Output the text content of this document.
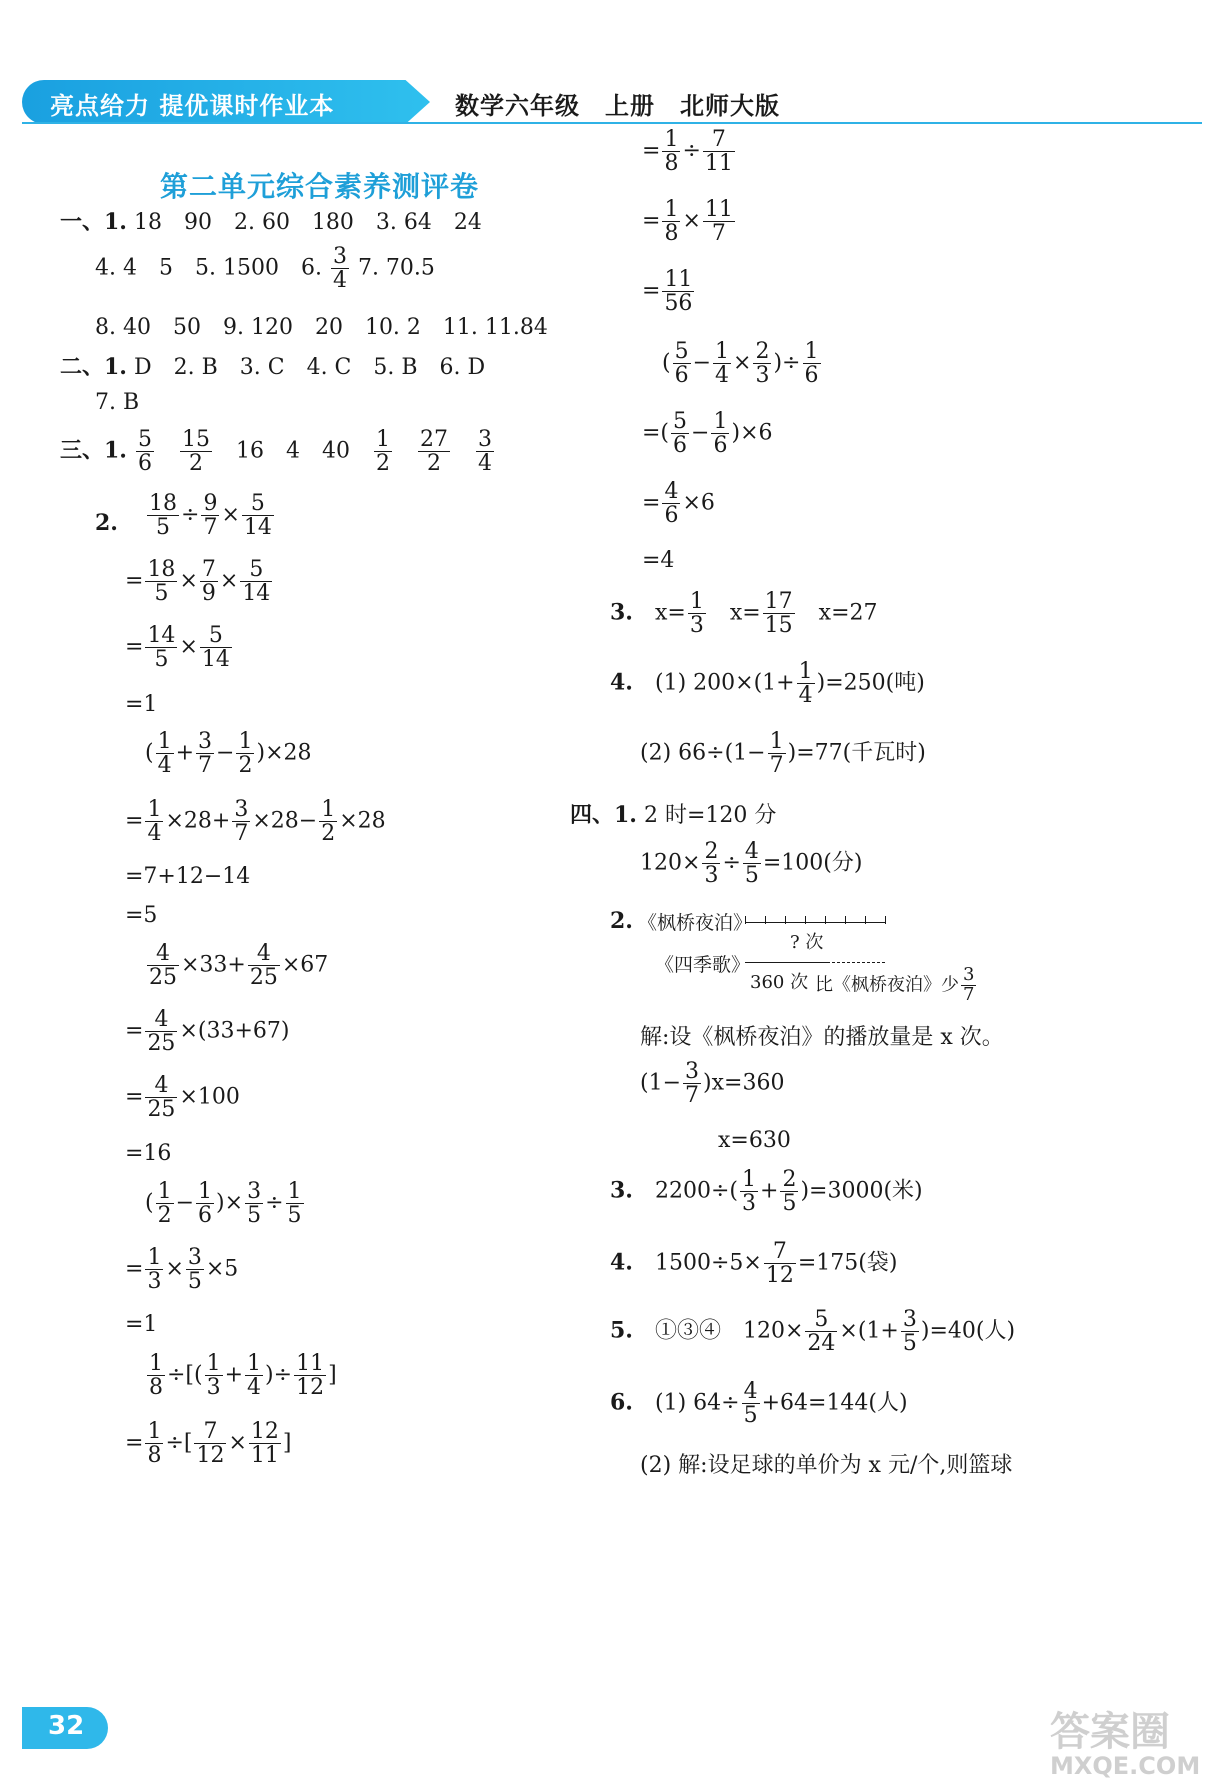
亮点给力 提优课时作业本	数学六年级　上册　北师大版
第二单元综合素养测评卷
一、1. 18　90　2. 60　180　3. 64　24
4. 4　5　5. 1500　6. $\frac{3}{4} 7$. 70.5
8. 40　50　9. 120　20　10. 2　11. 11.84
二、1. D　2. B　3. C　4. C　5. B　6. D
7. B
三、1. $\frac{5}{6}$
　 $\frac{15}{2}$
　 16　4　40　 $\frac{1}{2}$
　 $\frac{27}{2}$
　 $\frac{3}{4}$
2. $\frac{18}{5} \div \frac{9}{7} \times \frac{5}{14}$
= $\frac{18}{5} \times \frac{7}{9} \times \frac{5}{14}$
= $\frac{14}{5} \times \frac{5}{14}$
=1
( $\frac{1}{4} + \frac{3}{7} - \frac{1}{2} )\times 28$
= $\frac{1}{4} \times 28+ \frac{3}{7} \times 28- \frac{1}{2} \times 28$
=7+12−14
=5
$\frac{4}{25} \times 33+ \frac{4}{25} \times 67$
= $\frac{4}{25} \times(33+67)$
= $\frac{4}{25} \times 100$
=16
( $\frac{1}{2} - \frac{1}{6}$ )× $\frac{3}{5} \div \frac{1}{5}$
= $\frac{1}{3} \times \frac{3}{5} \times 5$
=1
$\frac{1}{8}$ ÷[( $\frac{1}{3} + \frac{1}{4}$ )÷ $\frac{11}{12}$ ]
= $\frac{1}{8}$ ÷[ $\frac{7}{12} \times \frac{12}{11}$ ]
= $\frac{1}{8} \div \frac{7}{11}$
= $\frac{1}{8} \times \frac{11}{7}$
= $\frac{11}{56}$
( $\frac{5}{6} - \frac{1}{4} \times \frac{2}{3}$ )÷ $\frac{1}{6}$
=( $\frac{5}{6} - \frac{1}{6} )\times 6$
= $\frac{4}{6} \times 6$
=4
3.　$x= \frac{1}{3}$ 　$x= \frac{17}{15}$
　 x=27
4.　 (1) $200\times(1+ \frac{1}{4} )=250$(吨)
(2) $66\div(1- \frac{1}{7} )=77$(千瓦时)
四、1. 2 时=120 分
$120\times \frac{2}{3} \div \frac{4}{5} =100$(分)
2. 《枫桥夜泊》
? 次
《四季歌》
360 次 比《枫桥夜泊》少 $\frac{3}{7}$
解:设《枫桥夜泊》的播放量是 x 次。
$(1- \frac{3}{7} )x=360$
x=630
3.　 $2200\div( \frac{1}{3} + \frac{2}{5} )=3000$(米)
4.　 $1500\div 5\times \frac{7}{12} =175$(袋)
5.　 ①③④　$120\times \frac{5}{24} \times(1+ \frac{3}{5} )=40$(人)
6.　 (1) $64\div \frac{4}{5} +64=144$(人)
(2) 解:设足球的单价为 x 元/个,则篮球
32	答案圈
MXQE.COM
